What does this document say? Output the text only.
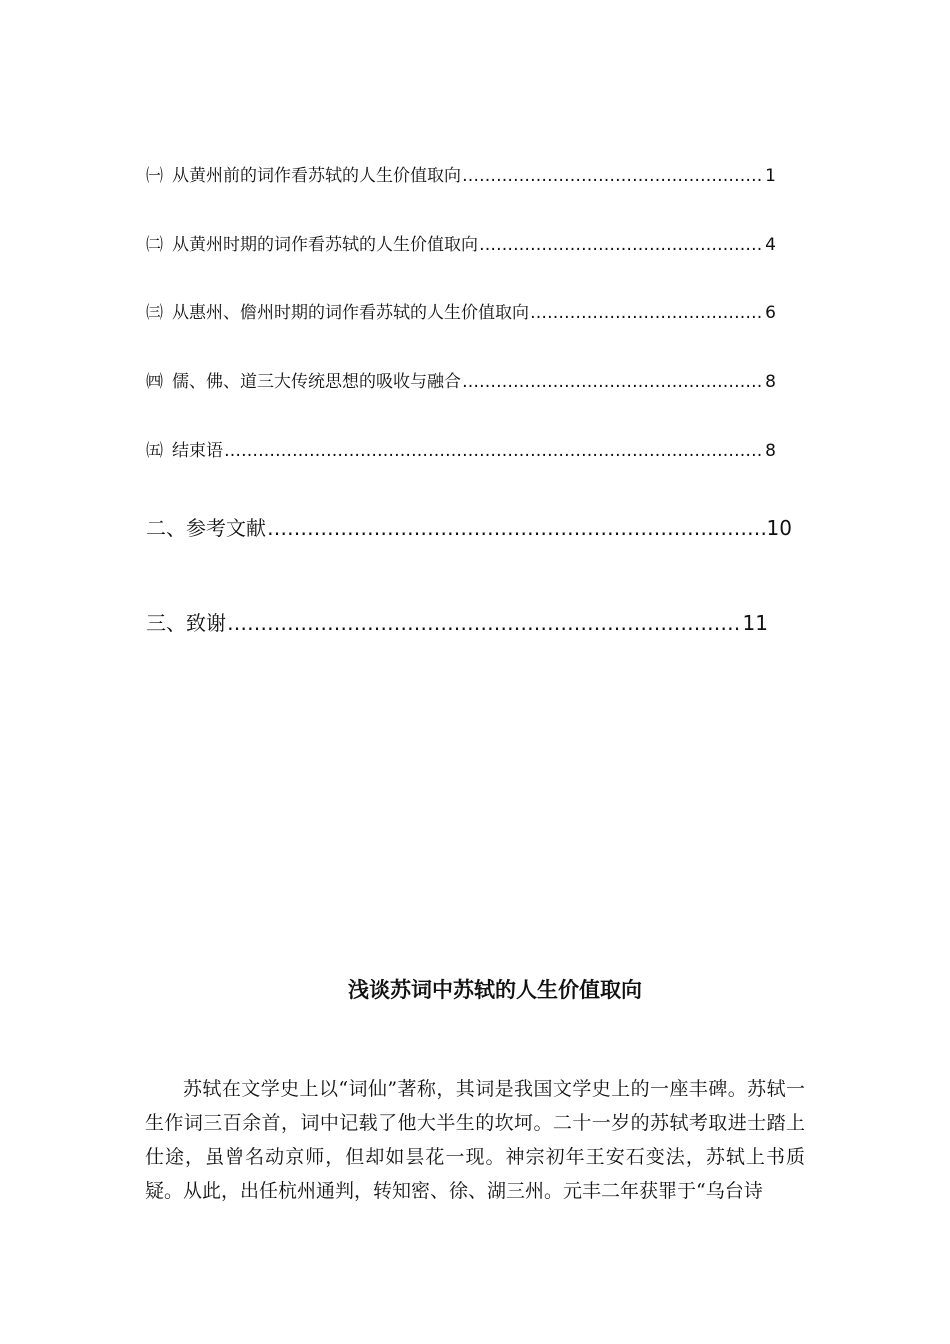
㈠ 从黄州前的词作看苏轼的人生价值取向 …………………………………………………………………………………………………………………………………………………………………………………………	1
㈡ 从黄州时期的词作看苏轼的人生价值取向 …………………………………………………………………………………………………………………………………………………………………………………………	4
㈢ 从惠州、儋州时期的词作看苏轼的人生价值取向 …………………………………………………………………………………………………………………………………………………………………………………………	6
㈣ 儒、佛、道三大传统思想的吸收与融合 …………………………………………………………………………………………………………………………………………………………………………………………	8
㈤ 结束语 …………………………………………………………………………………………………………………………………………………………………………………………	8
二、参考文献 …………………………………………………………………………………………………………………………………………………………………………………………	10
三、致谢 …………………………………………………………………………………………………………………………………………………………………………………………	11
浅谈苏词中苏轼的人生价值取向

苏轼在文学史上以“词仙”著称，其词是我国文学史上的一座丰碑。苏轼一生作词三百余首，词中记载了他大半生的坎坷。二十一岁的苏轼考取进士踏上仕途，虽曾名动京师，但却如昙花一现。神宗初年王安石变法，苏轼上书质疑。从此，出任杭州通判，转知密、徐、湖三州。元丰二年获罪于“乌台诗
